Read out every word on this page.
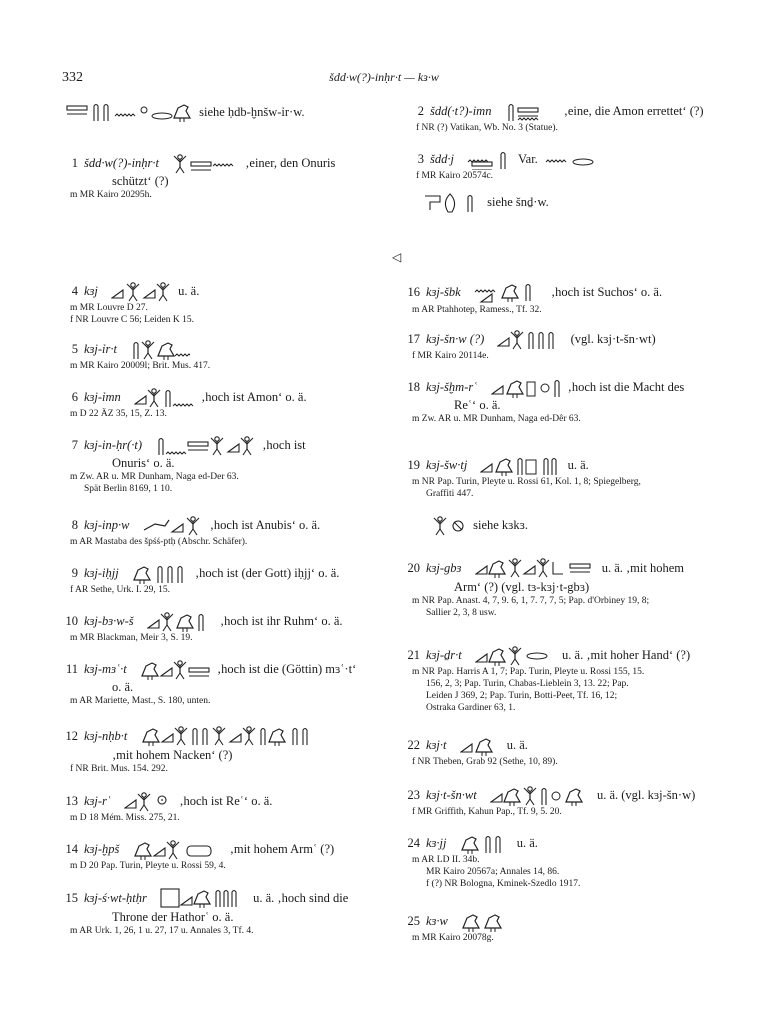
332	šdd·w(?)-inḥr·t — kɜ·w
◁
siehe ḥdb-ḫnšw-ỉr·w.
1 šdd·w(?)-inḥr·t	‚einer, den Onuris
schützt‘ (?)
m MR Kairo 20295h.
2 šdd(·t?)-imn	‚eine, die Amon errettet‘ (?)
f NR (?) Vatikan, Wb. No. 3 (Statue).
3 šdd·j	Var.
f MR Kairo 20574c.
siehe šnḏ·w.
4 kɜj	u. ä.
m MR Louvre D 27.
f NR Louvre C 56; Leiden K 15.
5 kɜj-ỉr·t
m MR Kairo 20009l; Brit. Mus. 417.
6 kɜj-ỉmn	‚hoch ist Amon‘ o. ä.
m D 22 ÄZ 35, 15, Z. 13.
7 kɜj-in-ḥr(·t)	‚hoch ist
Onuris‘ o. ä.
m Zw. AR u. MR Dunham, Naga ed-Der 63.
Spät Berlin 8169, 1 10.
8 kɜj-inp·w	‚hoch ist Anubis‘ o. ä.
m AR Mastaba des špśś-ptḥ (Abschr. Schäfer).
9 kɜj-iḥjj	‚hoch ist (der Gott) iḥjj‘ o. ä.
f AR Sethe, Urk. I. 29, 15.
10 kɜj-bɜ·w-š	‚hoch ist ihr Ruhm‘ o. ä.
m MR Blackman, Meir 3, S. 19.
11 kɜj-mɜʿ·t	‚hoch ist die (Göttin) mɜʿ·t‘
o. ä.
m AR Mariette, Mast., S. 180, unten.
12 kɜj-nḥb·t
‚mit hohem Nacken‘ (?)
f NR Brit. Mus. 154. 292.
13 kɜj-rʿ	‚hoch ist Reʿ‘ o. ä.
m D 18 Mém. Miss. 275, 21.
14 kɜj-ḫpš	‚mit hohem Armʿ (?)
m D 20 Pap. Turin, Pleyte u. Rossi 59, 4.
15 kɜj-ś·wt-ḥtḥr	u. ä. ‚hoch sind die
Throne der Hathorʿ o. ä.
m AR Urk. 1, 26, 1 u. 27, 17 u. Annales 3, Tf. 4.
16 kɜj-šbk	‚hoch ist Suchos‘ o. ä.
m AR Ptahhotep, Ramess., Tf. 32.
17 kɜj-šn·w (?)	(vgl. kɜj·t-šn·wt)
f MR Kairo 20114e.
18 kɜj-šḫm-rʿ	‚hoch ist die Macht des
Reʿ‘ o. ä.
m Zw. AR u. MR Dunham, Naga ed-Dêr 63.
19 kɜj-šw·tj	u. ä.
m NR Pap. Turin, Pleyte u. Rossi 61, Kol. 1, 8; Spiegelberg,
Graffiti 447.
siehe kɜkɜ.
20 kɜj-gbɜ	u. ä. ‚mit hohem
Arm‘ (?) (vgl. tɜ-kɜj·t-gbɜ)
m NR Pap. Anast. 4, 7, 9. 6, 1, 7. 7, 7, 5; Pap. d'Orbiney 19, 8;
Sallier 2, 3, 8 usw.
21 kɜj-ḏr·t	u. ä. ‚mit hoher Hand‘ (?)
m NR Pap. Harris A 1, 7; Pap. Turin, Pleyte u. Rossi 155, 15.
156, 2, 3; Pap. Turin, Chabas-Lieblein 3, 13. 22; Pap.
Leiden J 369, 2; Pap. Turin, Botti-Peet, Tf. 16, 12;
Ostraka Gardiner 63, 1.
22 kɜj·t	u. ä.
f NR Theben, Grab 92 (Sethe, 10, 89).
23 kɜj·t-šn·wt	u. ä. (vgl. kɜj-šn·w)
f MR Griffith, Kahun Pap., Tf. 9, 5. 20.
24 kɜ·jj	u. ä.
m AR LD II. 34b.
MR Kairo 20567a; Annales 14, 86.
f (?) NR Bologna, Kminek-Szedlo 1917.
25 kɜ·w
m MR Kairo 20078g.
